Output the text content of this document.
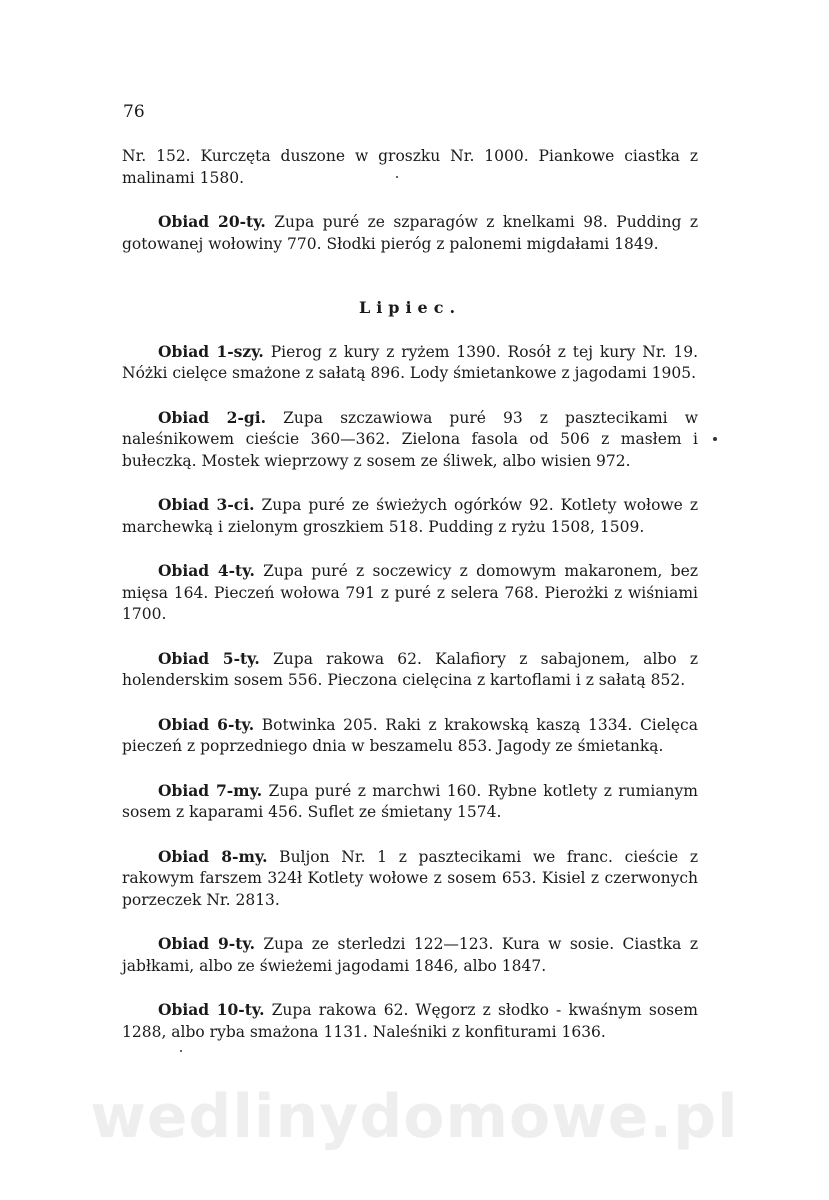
76

Nr. 152. Kurczęta duszone w groszku Nr. 1000. Piankowe ciastka z malinami 1580.

Obiad 20-ty. Zupa puré ze szparagów z knelkami 98. Pudding z gotowanej wołowiny 770. Słodki pieróg z palonemi migdałami 1849.

Lipiec.

Obiad 1-szy. Pierog z kury z ryżem 1390. Rosół z tej kury Nr. 19. Nóżki cielęce smażone z sałatą 896. Lody śmietankowe z jagodami 1905.

Obiad 2-gi. Zupa szczawiowa puré 93 z pasztecikami w naleśnikowem cieście 360—362. Zielona fasola od 506 z masłem i bułeczką. Mostek wieprzowy z sosem ze śliwek, albo wisien 972.

Obiad 3-ci. Zupa puré ze świeżych ogórków 92. Kotlety wołowe z marchewką i zielonym groszkiem 518. Pudding z ryżu 1508, 1509.

Obiad 4-ty. Zupa puré z soczewicy z domowym makaronem, bez mięsa 164. Pieczeń wołowa 791 z puré z selera 768. Pierożki z wiśniami 1700.

Obiad 5-ty. Zupa rakowa 62. Kalafiory z sabajonem, albo z holenderskim sosem 556. Pieczona cielęcina z kartoflami i z sałatą 852.

Obiad 6-ty. Botwinka 205. Raki z krakowską kaszą 1334. Cielęca pieczeń z poprzedniego dnia w beszamelu 853. Jagody ze śmietanką.

Obiad 7-my. Zupa puré z marchwi 160. Rybne kotlety z rumianym sosem z kaparami 456. Suflet ze śmietany 1574.

Obiad 8-my. Buljon Nr. 1 z pasztecikami we franc. cieście z rakowym farszem 324ł Kotlety wołowe z sosem 653. Kisiel z czerwonych porzeczek Nr. 2813.

Obiad 9-ty. Zupa ze sterledzi 122—123. Kura w sosie. Ciastka z jabłkami, albo ze świeżemi jagodami 1846, albo 1847.

Obiad 10-ty. Zupa rakowa 62. Węgorz z słodko - kwaśnym sosem 1288, albo ryba smażona 1131. Naleśniki z konfiturami 1636.

wedlinydomowe.pl
